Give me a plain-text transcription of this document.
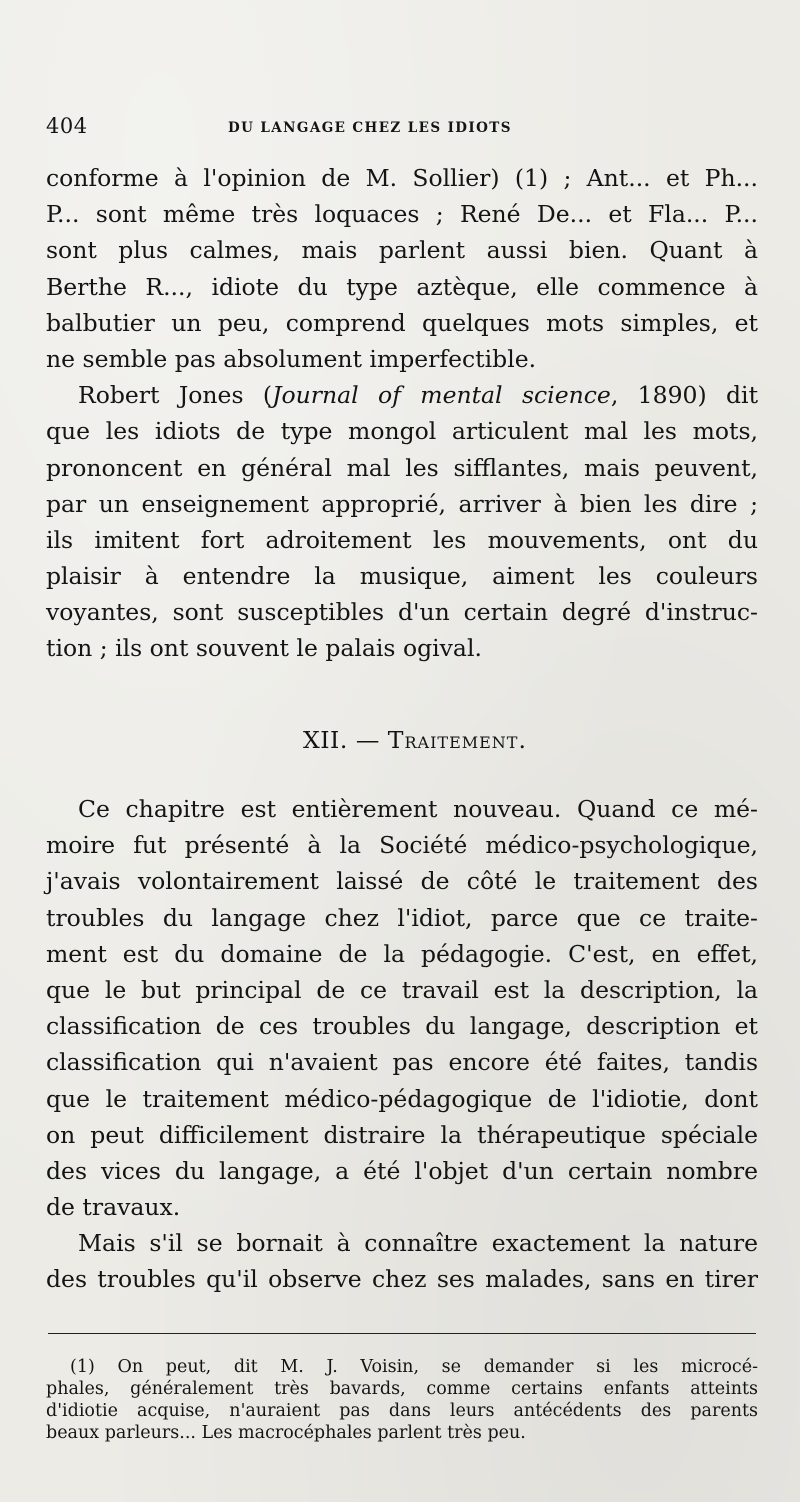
404	DU LANGAGE CHEZ LES IDIOTS
conforme à l'opinion de M. Sollier) (1) ; Ant... et Ph...
P... sont même très loquaces ; René De... et Fla... P...
sont plus calmes, mais parlent aussi bien. Quant à
Berthe R..., idiote du type aztèque, elle commence à
balbutier un peu, comprend quelques mots simples, et
ne semble pas absolument imperfectible.
Robert Jones (Journal of mental science, 1890) dit
que les idiots de type mongol articulent mal les mots,
prononcent en général mal les sifflantes, mais peuvent,
par un enseignement approprié, arriver à bien les dire ;
ils imitent fort adroitement les mouvements, ont du
plaisir à entendre la musique, aiment les couleurs
voyantes, sont susceptibles d'un certain degré d'instruc-
tion ; ils ont souvent le palais ogival.
XII. — Traitement.
Ce chapitre est entièrement nouveau. Quand ce mé-
moire fut présenté à la Société médico-psychologique,
j'avais volontairement laissé de côté le traitement des
troubles du langage chez l'idiot, parce que ce traite-
ment est du domaine de la pédagogie. C'est, en effet,
que le but principal de ce travail est la description, la
classification de ces troubles du langage, description et
classification qui n'avaient pas encore été faites, tandis
que le traitement médico-pédagogique de l'idiotie, dont
on peut difficilement distraire la thérapeutique spéciale
des vices du langage, a été l'objet d'un certain nombre
de travaux.
Mais s'il se bornait à connaître exactement la nature
des troubles qu'il observe chez ses malades, sans en tirer
(1) On peut, dit M. J. Voisin, se demander si les microcé-
phales, généralement très bavards, comme certains enfants atteints
d'idiotie acquise, n'auraient pas dans leurs antécédents des parents
beaux parleurs... Les macrocéphales parlent très peu.
